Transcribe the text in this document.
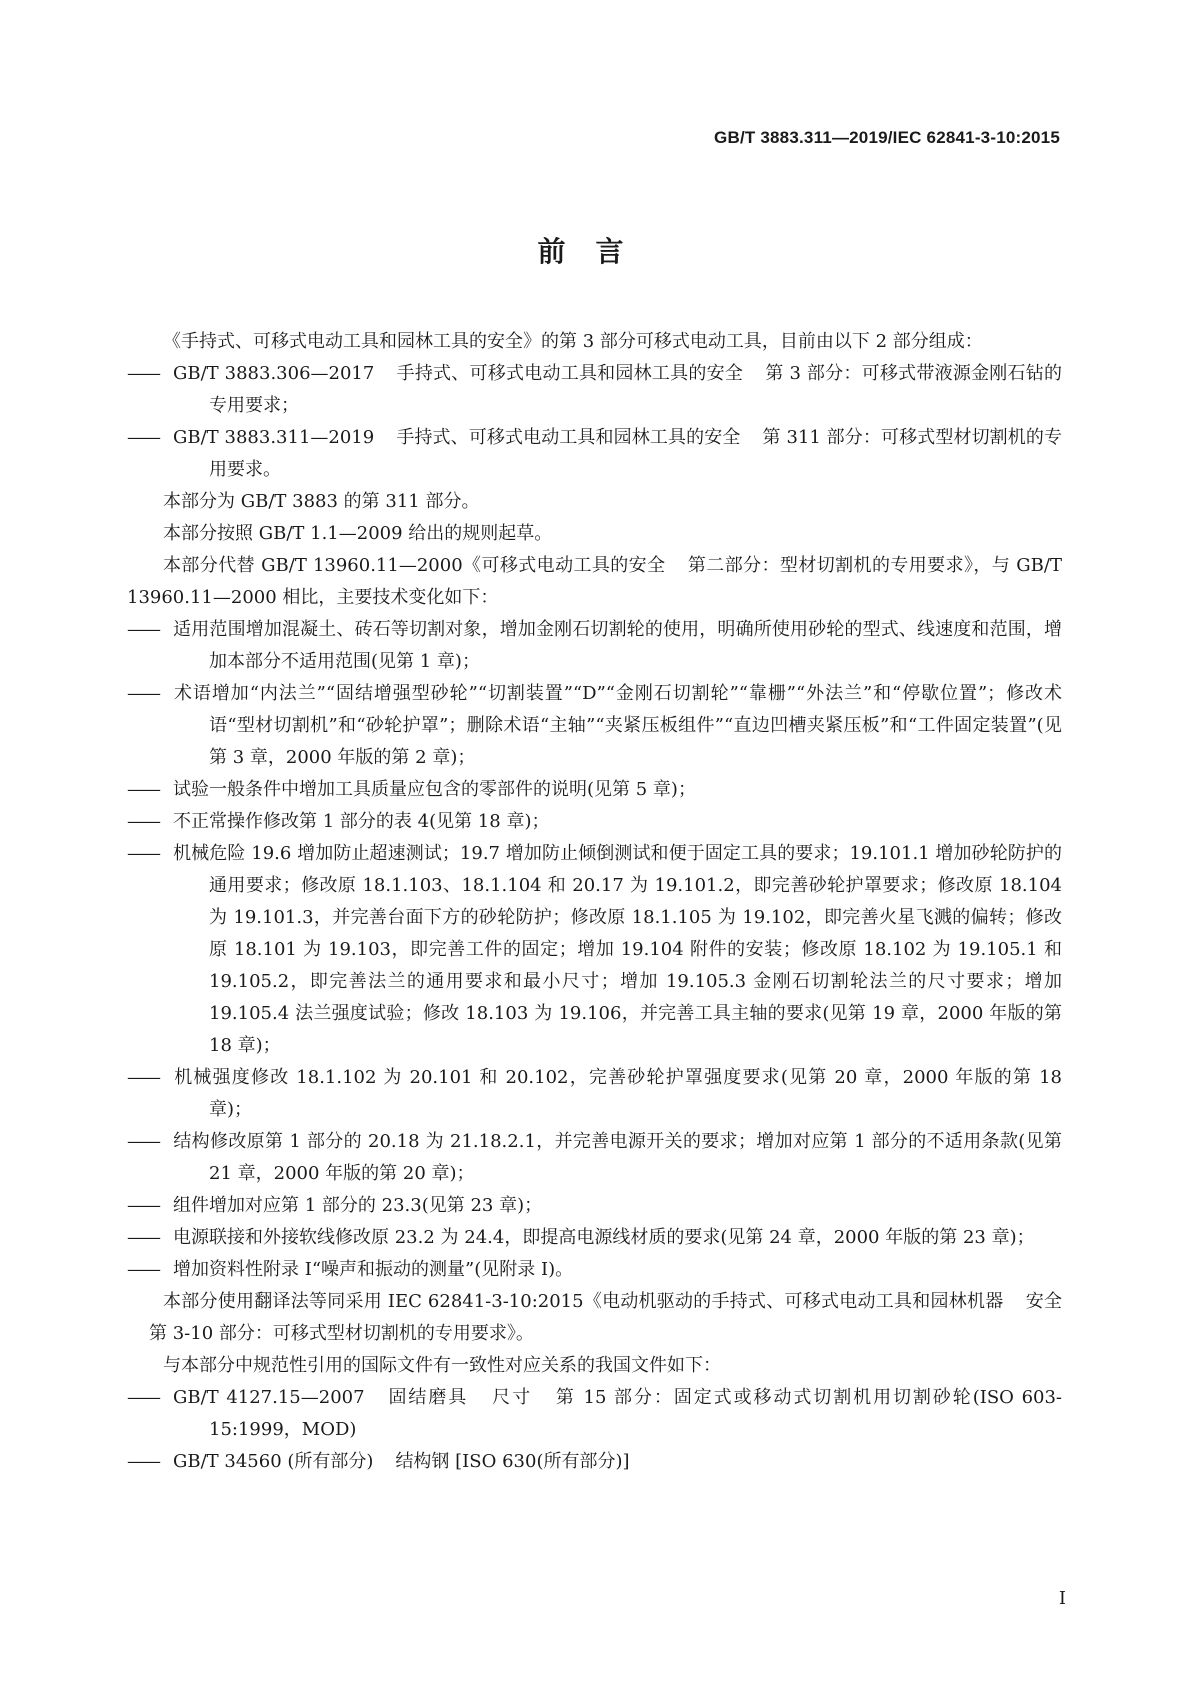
GB/T 3883.311—2019/IEC 62841-3-10:2015
前言

《手持式、可移式电动工具和园林工具的安全》的第 3 部分可移式电动工具，目前由以下 2 部分组成：

—— GB/T 3883.306—2017 手持式、可移式电动工具和园林工具的安全 第 3 部分：可移式带液源金刚石钻的专用要求；

—— GB/T 3883.311—2019 手持式、可移式电动工具和园林工具的安全 第 311 部分：可移式型材切割机的专用要求。

本部分为 GB/T 3883 的第 311 部分。

本部分按照 GB/T 1.1—2009 给出的规则起草。

本部分代替 GB/T 13960.11—2000《可移式电动工具的安全 第二部分：型材切割机的专用要求》，与 GB/T 13960.11—2000 相比，主要技术变化如下：

—— 适用范围增加混凝土、砖石等切割对象，增加金刚石切割轮的使用，明确所使用砂轮的型式、线速度和范围，增加本部分不适用范围(见第 1 章)；

—— 术语增加“内法兰”“固结增强型砂轮”“切割装置”“D”“金刚石切割轮”“靠栅”“外法兰”和“停歇位置”；修改术语“型材切割机”和“砂轮护罩”；删除术语“主轴”“夹紧压板组件”“直边凹槽夹紧压板”和“工件固定装置”(见第 3 章，2000 年版的第 2 章)；

—— 试验一般条件中增加工具质量应包含的零部件的说明(见第 5 章)；

—— 不正常操作修改第 1 部分的表 4(见第 18 章)；

—— 机械危险 19.6 增加防止超速测试；19.7 增加防止倾倒测试和便于固定工具的要求；19.101.1 增加砂轮防护的通用要求；修改原 18.1.103、18.1.104 和 20.17 为 19.101.2，即完善砂轮护罩要求；修改原 18.104 为 19.101.3，并完善台面下方的砂轮防护；修改原 18.1.105 为 19.102，即完善火星飞溅的偏转；修改原 18.101 为 19.103，即完善工件的固定；增加 19.104 附件的安装；修改原 18.102 为 19.105.1 和 19.105.2，即完善法兰的通用要求和最小尺寸；增加 19.105.3 金刚石切割轮法兰的尺寸要求；增加 19.105.4 法兰强度试验；修改 18.103 为 19.106，并完善工具主轴的要求(见第 19 章，2000 年版的第 18 章)；

—— 机械强度修改 18.1.102 为 20.101 和 20.102，完善砂轮护罩强度要求(见第 20 章，2000 年版的第 18 章)；

—— 结构修改原第 1 部分的 20.18 为 21.18.2.1，并完善电源开关的要求；增加对应第 1 部分的不适用条款(见第 21 章，2000 年版的第 20 章)；

—— 组件增加对应第 1 部分的 23.3(见第 23 章)；

—— 电源联接和外接软线修改原 23.2 为 24.4，即提高电源线材质的要求(见第 24 章，2000 年版的第 23 章)；

—— 增加资料性附录 I“噪声和振动的测量”(见附录 I)。

本部分使用翻译法等同采用 IEC 62841-3-10:2015《电动机驱动的手持式、可移式电动工具和园林机器 安全第 3-10 部分：可移式型材切割机的专用要求》。

与本部分中规范性引用的国际文件有一致性对应关系的我国文件如下：

—— GB/T 4127.15—2007 固结磨具 尺寸 第 15 部分：固定式或移动式切割机用切割砂轮(ISO 603-15:1999，MOD)

—— GB/T 34560 (所有部分) 结构钢 [ISO 630(所有部分)]

I
